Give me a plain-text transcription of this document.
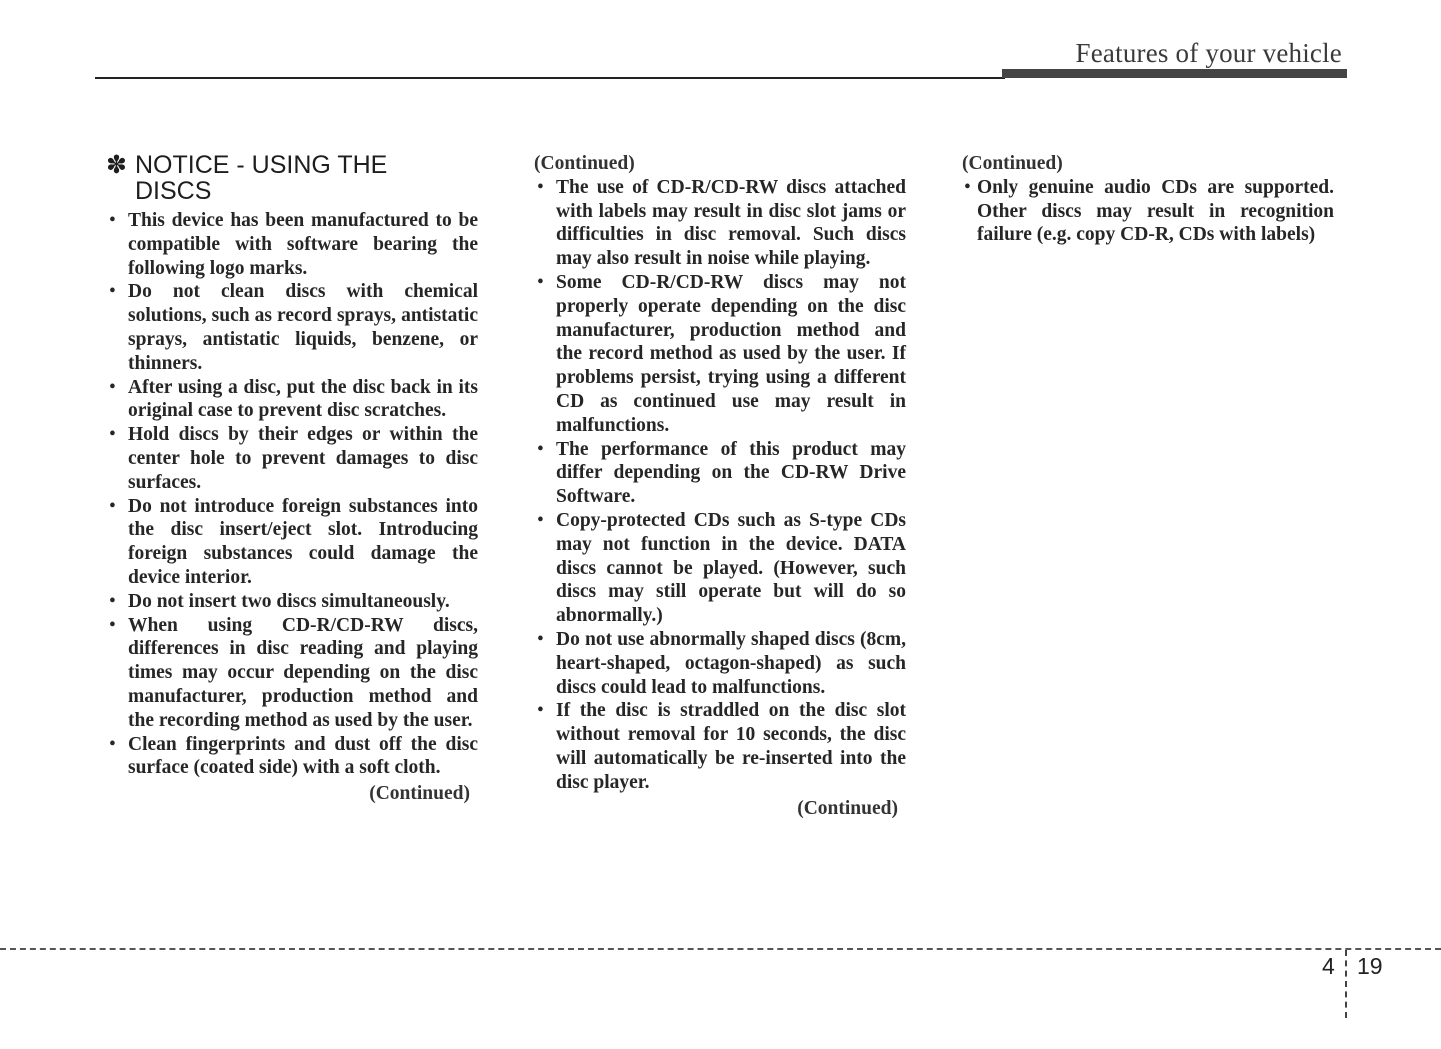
Features of your vehicle
✽ NOTICE - USING THE
DISCS
• This device has been manufactured to be compatible with software bearing the following logo marks.
• Do not clean discs with chemical solutions, such as record sprays, antistatic sprays, antistatic liquids, benzene, or thinners.
• After using a disc, put the disc back in its original case to prevent disc scratches.
• Hold discs by their edges or within the center hole to prevent damages to disc surfaces.
• Do not introduce foreign substances into the disc insert/eject slot. Introducing foreign substances could damage the device interior.
• Do not insert two discs simultaneously.
• When using CD-R/CD-RW discs, differences in disc reading and playing times may occur depending on the disc manufacturer, production method and the recording method as used by the user.
• Clean fingerprints and dust off the disc surface (coated side) with a soft cloth.
(Continued)
(Continued)
• The use of CD-R/CD-RW discs attached with labels may result in disc slot jams or difficulties in disc removal. Such discs may also result in noise while playing.
• Some CD-R/CD-RW discs may not properly operate depending on the disc manufacturer, production method and the record method as used by the user. If problems persist, trying using a different CD as continued use may result in malfunctions.
• The performance of this product may differ depending on the CD-RW Drive Software.
• Copy-protected CDs such as S-type CDs may not function in the device. DATA discs cannot be played. (However, such discs may still operate but will do so abnormally.)
• Do not use abnormally shaped discs (8cm, heart-shaped, octagon-shaped) as such discs could lead to malfunctions.
• If the disc is straddled on the disc slot without removal for 10 seconds, the disc will automatically be re-inserted into the disc player.
(Continued)
(Continued)
• Only genuine audio CDs are supported. Other discs may result in recognition failure (e.g. copy CD-R, CDs with labels)
4 19
